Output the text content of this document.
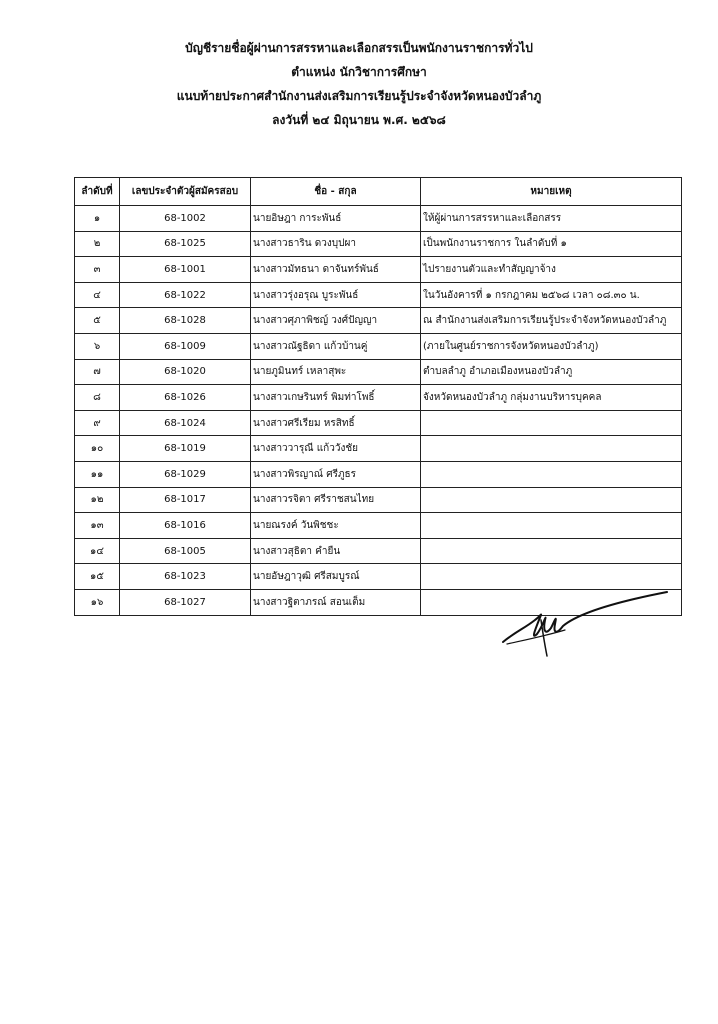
บัญชีรายชื่อผู้ผ่านการสรรหาและเลือกสรรเป็นพนักงานราชการทั่วไป
ตำแหน่ง นักวิชาการศึกษา
แนบท้ายประกาศสำนักงานส่งเสริมการเรียนรู้ประจำจังหวัดหนองบัวลำภู
ลงวันที่ ๒๔ มิถุนายน พ.ศ. ๒๕๖๘
ลำดับที่	เลขประจำตัวผู้สมัครสอบ	ชื่อ - สกุล	หมายเหตุ
๑	68-1002	นายอิษฎา การะพันธ์	ให้ผู้ผ่านการสรรหาและเลือกสรร
๒	68-1025	นางสาวธาริน ดวงบุปผา	เป็นพนักงานราชการ ในลำดับที่ ๑
๓	68-1001	นางสาวมัทธนา ดาจันทร์พันธ์	ไปรายงานตัวและทำสัญญาจ้าง
๔	68-1022	นางสาวรุ่งอรุณ บูระพันธ์	ในวันอังคารที่ ๑ กรกฎาคม ๒๕๖๘ เวลา ๐๘.๓๐ น.
๕	68-1028	นางสาวศุภาพิชญ์ วงศ์ปัญญา	ณ สำนักงานส่งเสริมการเรียนรู้ประจำจังหวัดหนองบัวลำภู
๖	68-1009	นางสาวณัฐธิดา แก้วบ้านคู่	(ภายในศูนย์ราชการจังหวัดหนองบัวลำภู)
๗	68-1020	นายภูมินทร์ เหลาสุพะ	ตำบลลำภู อำเภอเมืองหนองบัวลำภู
๘	68-1026	นางสาวเกษรินทร์ พิมท่าโพธิ์	จังหวัดหนองบัวลำภู กลุ่มงานบริหารบุคคล
๙	68-1024	นางสาวศรีเรียม หรสิทธิ์	
๑๐	68-1019	นางสาววารุณี แก้ววังชัย	
๑๑	68-1029	นางสาวพิรญาณ์ ศรีภูธร	
๑๒	68-1017	นางสาวรจิตา ศรีราชสนไทย	
๑๓	68-1016	นายณรงค์ วันพิชชะ	
๑๔	68-1005	นางสาวสุธิตา คำยืน	
๑๕	68-1023	นายอัษฎาวุฒิ ศรีสมบูรณ์	
๑๖	68-1027	นางสาวฐิตาภรณ์ สอนเต็ม	
